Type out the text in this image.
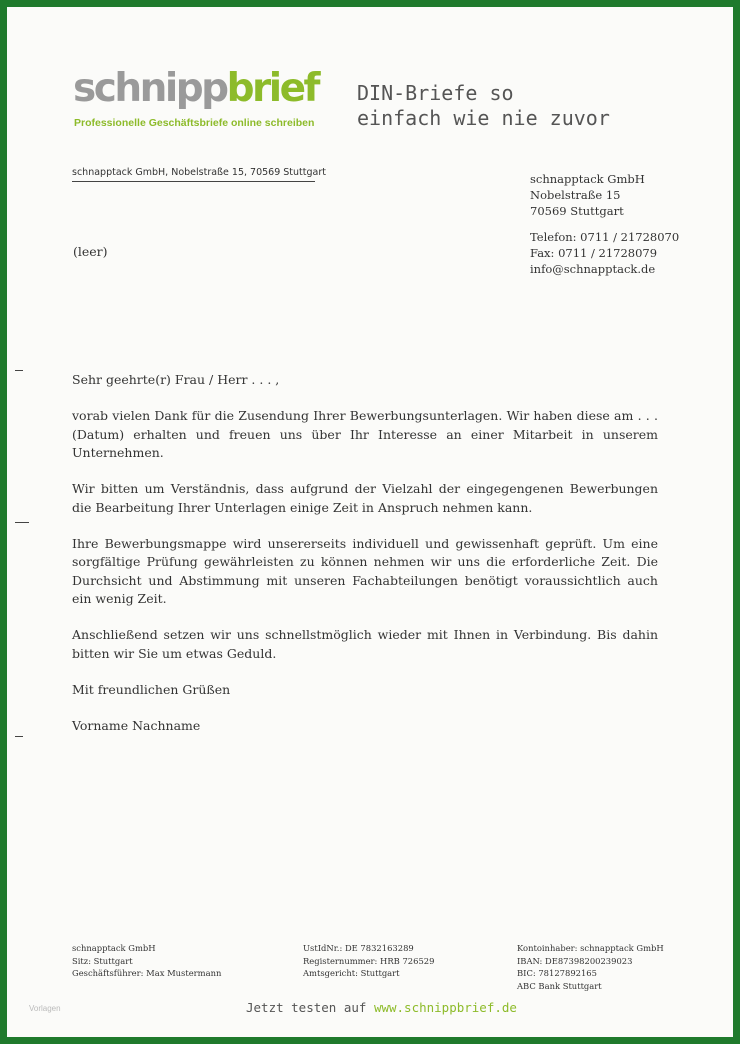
schnippbrief
Professionelle Geschäftsbriefe online schreiben
DIN-Briefe so
einfach wie nie zuvor
schnapptack GmbH, Nobelstraße 15, 70569 Stuttgart
(leer)
schnapptack GmbH
Nobelstraße 15
70569 Stuttgart
Telefon: 0711 / 21728070
Fax: 0711 / 21728079
info@schnapptack.de

Sehr geehrte(r) Frau / Herr . . . ,

vorab vielen Dank für die Zusendung Ihrer Bewerbungsunterlagen. Wir haben diese am . . . (Datum) erhalten und freuen uns über Ihr Interesse an einer Mitarbeit in unserem Unternehmen.

Wir bitten um Verständnis, dass aufgrund der Vielzahl der eingegengenen Bewerbungen die Bearbeitung Ihrer Unterlagen einige Zeit in Anspruch nehmen kann.

Ihre Bewerbungsmappe wird unsererseits individuell und gewissenhaft geprüft. Um eine sorgfältige Prüfung gewährleisten zu können nehmen wir uns die erforderliche Zeit. Die Durchsicht und Abstimmung mit unseren Fachabteilungen benötigt voraussichtlich auch ein wenig Zeit.

Anschließend setzen wir uns schnellstmöglich wieder mit Ihnen in Verbindung. Bis dahin bitten wir Sie um etwas Geduld.

Mit freundlichen Grüßen

Vorname Nachname

schnapptack GmbH
Sitz: Stuttgart
Geschäftsführer: Max Mustermann
UstIdNr.: DE 7832163289
Registernummer: HRB 726529
Amtsgericht: Stuttgart
Kontoinhaber: schnapptack GmbH
IBAN: DE87398200239023
BIC: 78127892165
ABC Bank Stuttgart
Vorlagen	Jetzt testen auf www.schnippbrief.de
